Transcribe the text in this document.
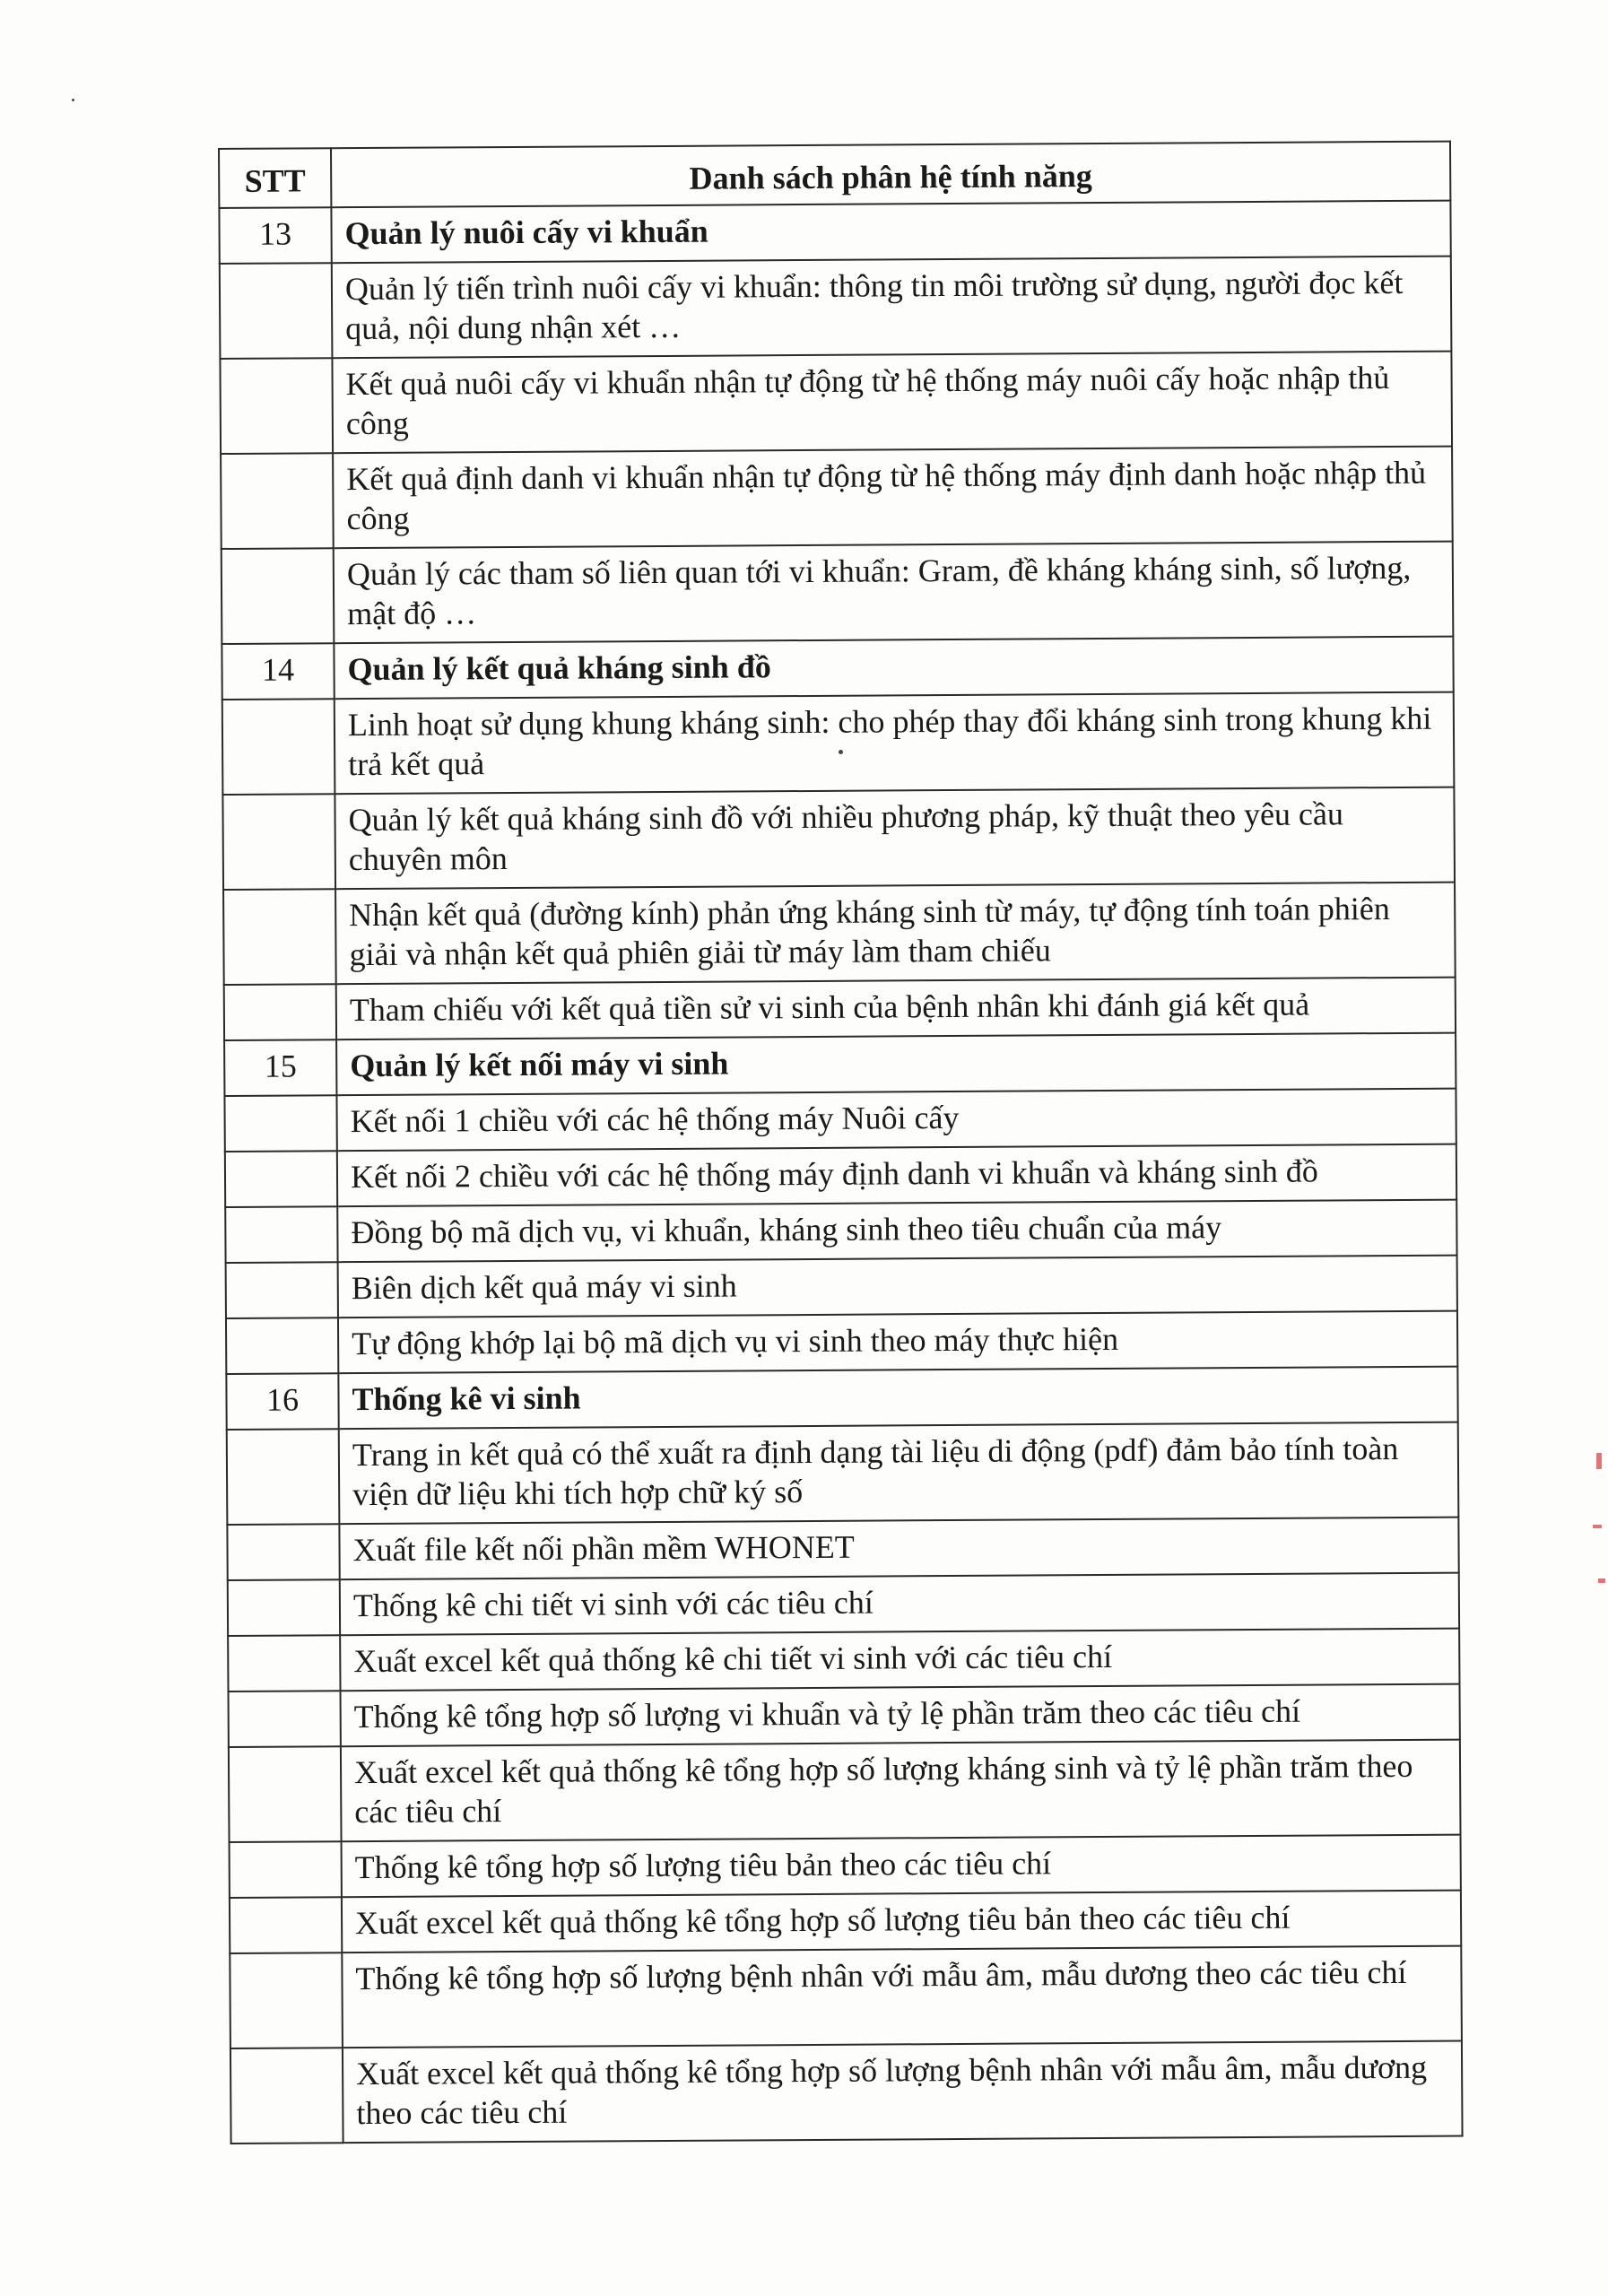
STT	Danh sách phân hệ tính năng
13	Quản lý nuôi cấy vi khuẩn
	Quản lý tiến trình nuôi cấy vi khuẩn: thông tin môi trường sử dụng, người đọc kết quả, nội dung nhận xét …
	Kết quả nuôi cấy vi khuẩn nhận tự động từ hệ thống máy nuôi cấy hoặc nhập thủ công
	Kết quả định danh vi khuẩn nhận tự động từ hệ thống máy định danh hoặc nhập thủ công
	Quản lý các tham số liên quan tới vi khuẩn: Gram, đề kháng kháng sinh, số lượng, mật độ …
14	Quản lý kết quả kháng sinh đồ
	Linh hoạt sử dụng khung kháng sinh: cho phép thay đổi kháng sinh trong khung khi trả kết quả
	Quản lý kết quả kháng sinh đồ với nhiều phương pháp, kỹ thuật theo yêu cầu chuyên môn
	Nhận kết quả (đường kính) phản ứng kháng sinh từ máy, tự động tính toán phiên giải và nhận kết quả phiên giải từ máy làm tham chiếu
	Tham chiếu với kết quả tiền sử vi sinh của bệnh nhân khi đánh giá kết quả
15	Quản lý kết nối máy vi sinh
	Kết nối 1 chiều với các hệ thống máy Nuôi cấy
	Kết nối 2 chiều với các hệ thống máy định danh vi khuẩn và kháng sinh đồ
	Đồng bộ mã dịch vụ, vi khuẩn, kháng sinh theo tiêu chuẩn của máy
	Biên dịch kết quả máy vi sinh
	Tự động khớp lại bộ mã dịch vụ vi sinh theo máy thực hiện
16	Thống kê vi sinh
	Trang in kết quả có thể xuất ra định dạng tài liệu di động (pdf) đảm bảo tính toàn viện dữ liệu khi tích hợp chữ ký số
	Xuất file kết nối phần mềm WHONET
	Thống kê chi tiết vi sinh với các tiêu chí
	Xuất excel kết quả thống kê chi tiết vi sinh với các tiêu chí
	Thống kê tổng hợp số lượng vi khuẩn và tỷ lệ phần trăm theo các tiêu chí
	Xuất excel kết quả thống kê tổng hợp số lượng kháng sinh và tỷ lệ phần trăm theo các tiêu chí
	Thống kê tổng hợp số lượng tiêu bản theo các tiêu chí
	Xuất excel kết quả thống kê tổng hợp số lượng tiêu bản theo các tiêu chí
	Thống kê tổng hợp số lượng bệnh nhân với mẫu âm, mẫu dương theo các tiêu chí
	Xuất excel kết quả thống kê tổng hợp số lượng bệnh nhân với mẫu âm, mẫu dương theo các tiêu chí
